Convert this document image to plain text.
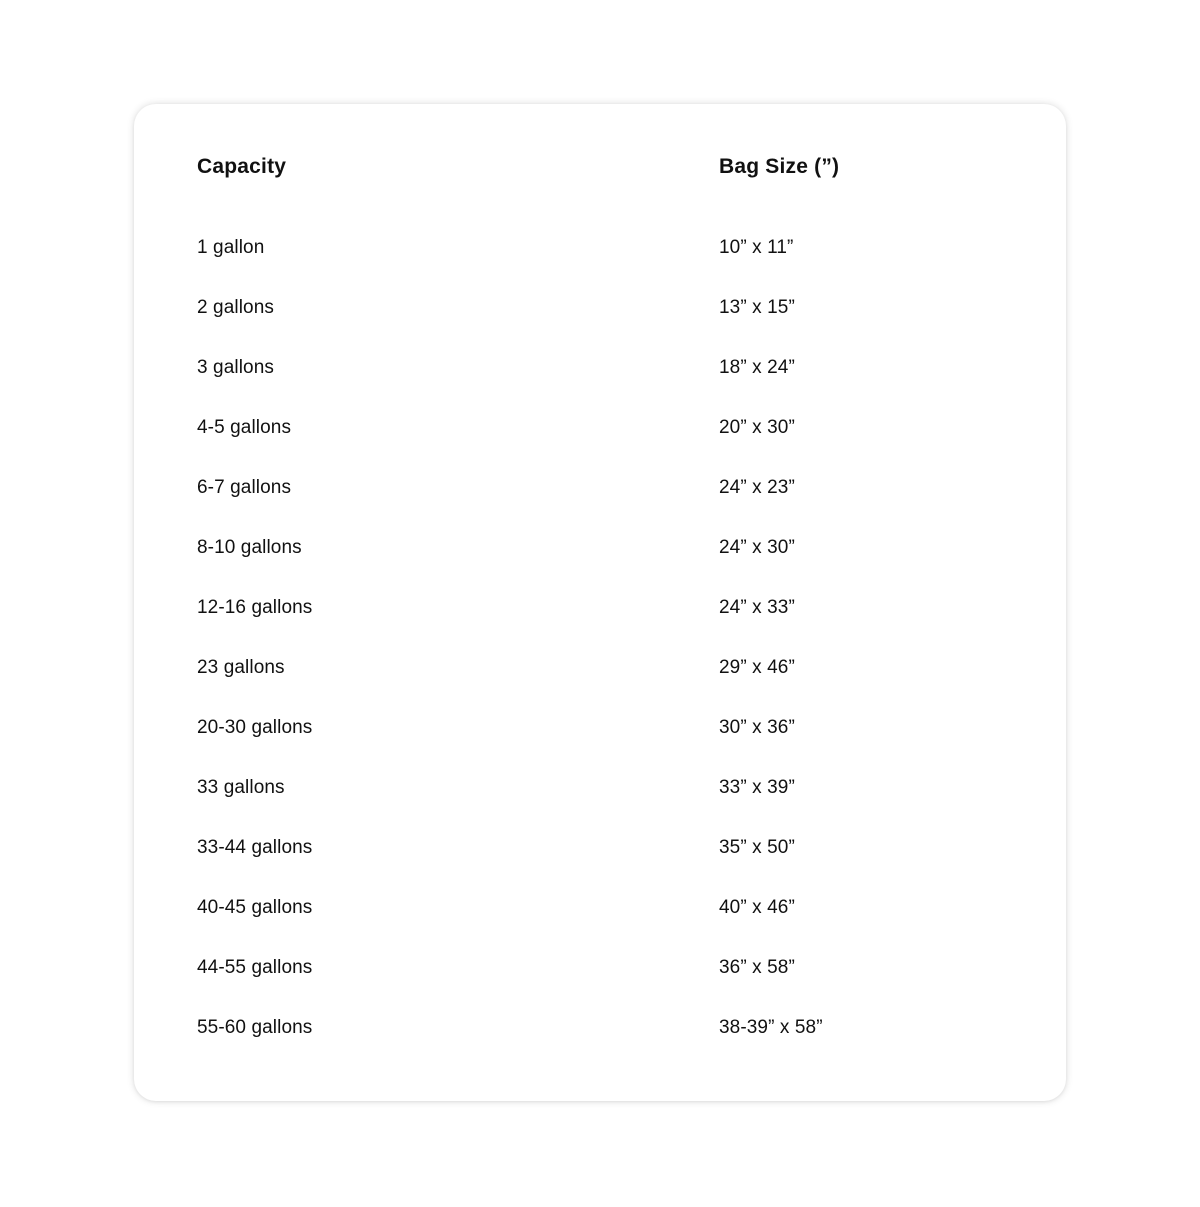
Capacity	Bag Size (”)
1 gallon	10” x 11”
2 gallons	13” x 15”
3 gallons	18” x 24”
4-5 gallons	20” x 30”
6-7 gallons	24” x 23”
8-10 gallons	24” x 30”
12-16 gallons	24” x 33”
23 gallons	29” x 46”
20-30 gallons	30” x 36”
33 gallons	33” x 39”
33-44 gallons	35” x 50”
40-45 gallons	40” x 46”
44-55 gallons	36” x 58”
55-60 gallons	38-39” x 58”
